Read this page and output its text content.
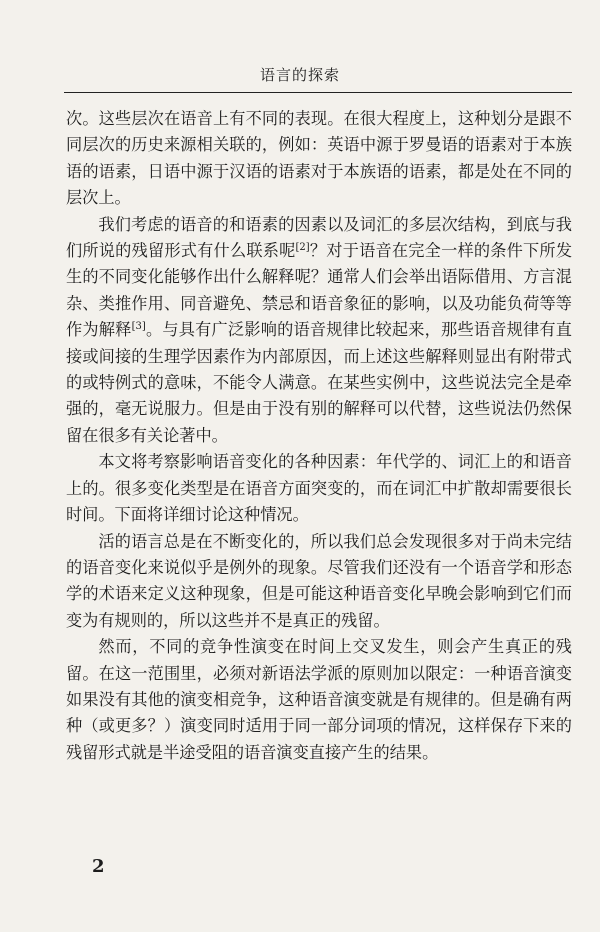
语言的探索

次。这些层次在语音上有不同的表现。在很大程度上，这种划分是跟不同层次的历史来源相关联的，例如：英语中源于罗曼语的语素对于本族语的语素，日语中源于汉语的语素对于本族语的语素，都是处在不同的层次上。

我们考虑的语音的和语素的因素以及词汇的多层次结构，到底与我们所说的残留形式有什么联系呢[2]？对于语音在完全一样的条件下所发生的不同变化能够作出什么解释呢？通常人们会举出语际借用、方言混杂、类推作用、同音避免、禁忌和语音象征的影响，以及功能负荷等等作为解释[3]。与具有广泛影响的语音规律比较起来，那些语音规律有直接或间接的生理学因素作为内部原因，而上述这些解释则显出有附带式的或特例式的意味，不能令人满意。在某些实例中，这些说法完全是牵强的，毫无说服力。但是由于没有别的解释可以代替，这些说法仍然保留在很多有关论著中。

本文将考察影响语音变化的各种因素：年代学的、词汇上的和语音上的。很多变化类型是在语音方面突变的，而在词汇中扩散却需要很长时间。下面将详细讨论这种情况。

活的语言总是在不断变化的，所以我们总会发现很多对于尚未完结的语音变化来说似乎是例外的现象。尽管我们还没有一个语音学和形态学的术语来定义这种现象，但是可能这种语音变化早晚会影响到它们而变为有规则的，所以这些并不是真正的残留。

然而，不同的竞争性演变在时间上交叉发生，则会产生真正的残留。在这一范围里，必须对新语法学派的原则加以限定：一种语音演变如果没有其他的演变相竞争，这种语音演变就是有规律的。但是确有两种（或更多？）演变同时适用于同一部分词项的情况，这样保存下来的残留形式就是半途受阻的语音演变直接产生的结果。

2
